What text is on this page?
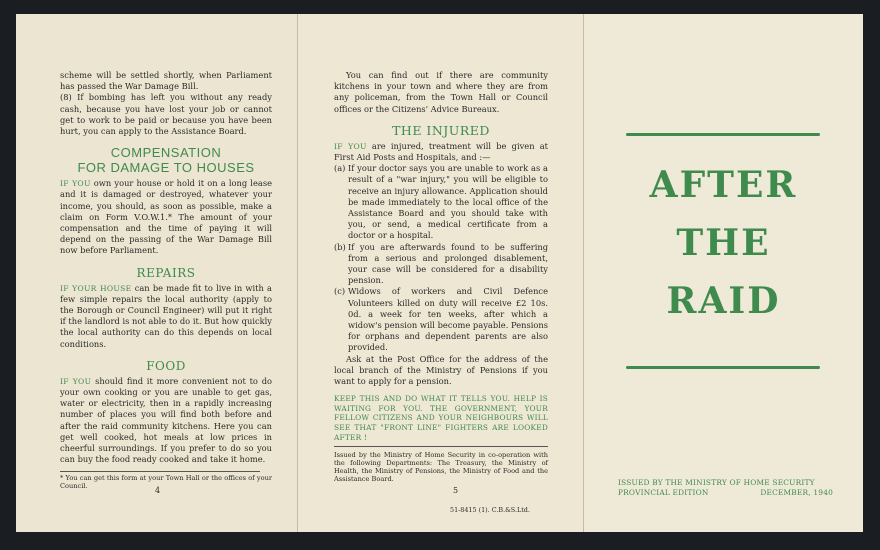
scheme will be settled shortly, when Parliament has passed the War Damage Bill.
(8) If bombing has left you without any ready cash, because you have lost your job or cannot get to work to be paid or because you have been hurt, you can apply to the Assistance Board.
COMPENSATION
FOR DAMAGE TO HOUSES
IF YOU own your house or hold it on a long lease and it is damaged or destroyed, whatever your income, you should, as soon as possible, make a claim on Form V.O.W.1.* The amount of your compensation and the time of paying it will depend on the passing of the War Damage Bill now before Parliament.
REPAIRS
IF YOUR HOUSE can be made fit to live in with a few simple repairs the local authority (apply to the Borough or Council Engineer) will put it right if the landlord is not able to do it. But how quickly the local authority can do this depends on local conditions.
FOOD
IF YOU should find it more convenient not to do your own cooking or you are unable to get gas, water or electricity, then in a rapidly increasing number of places you will find both before and after the raid community kitchens. Here you can get well cooked, hot meals at low prices in cheerful surroundings. If you prefer to do so you can buy the food ready cooked and take it home.
* You can get this form at your Town Hall or the offices of your Council.	4
You can find out if there are community kitchens in your town and where they are from any policeman, from the Town Hall or Council offices or the Citizens' Advice Bureaux.
THE INJURED
IF YOU are injured, treatment will be given at First Aid Posts and Hospitals, and :—
(a) If your doctor says you are unable to work as a result of a "war injury," you will be eligible to receive an injury allowance. Application should be made immediately to the local office of the Assistance Board and you should take with you, or send, a medical certificate from a doctor or a hospital.
(b) If you are afterwards found to be suffering from a serious and prolonged disablement, your case will be considered for a disability pension.
(c) Widows of workers and Civil Defence Volunteers killed on duty will receive £2 10s. 0d. a week for ten weeks, after which a widow's pension will become payable. Pensions for orphans and dependent parents are also provided.
Ask at the Post Office for the address of the local branch of the Ministry of Pensions if you want to apply for a pension.
KEEP THIS AND DO WHAT IT TELLS YOU. HELP IS WAITING FOR YOU. THE GOVERNMENT, YOUR FELLOW CITIZENS AND YOUR NEIGHBOURS WILL SEE THAT "FRONT LINE" FIGHTERS ARE LOOKED AFTER !
Issued by the Ministry of Home Security in co-operation with the following Departments: The Treasury, the Ministry of Health, the Ministry of Pensions, the Ministry of Food and the Assistance Board.
5
51-8415 (1). C.B.&S.Ltd.
AFTER
THE
RAID
ISSUED BY THE MINISTRY OF HOME SECURITY
PROVINCIAL EDITION	DECEMBER, 1940
